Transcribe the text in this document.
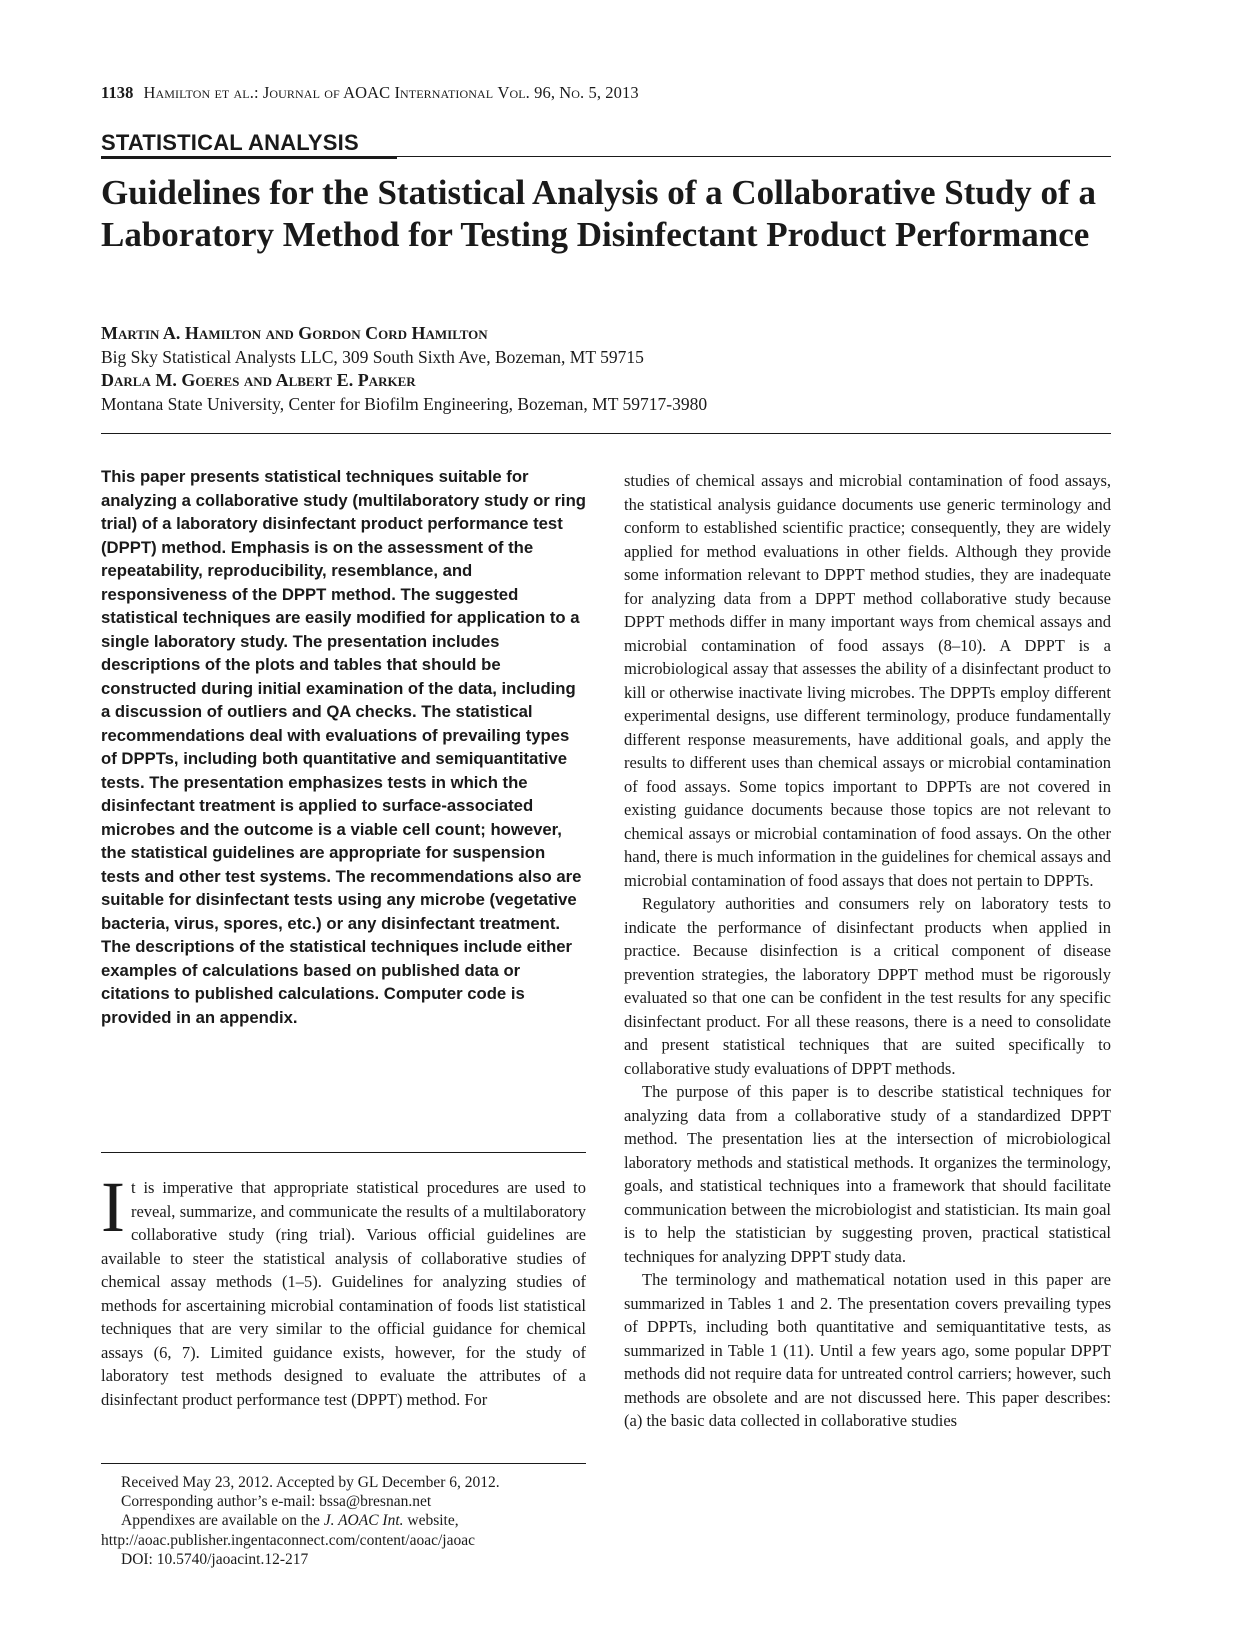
1138 Hamilton et al.: Journal of AOAC International Vol. 96, No. 5, 2013
STATISTICAL ANALYSIS
Guidelines for the Statistical Analysis of a Collaborative Study of a Laboratory Method for Testing Disinfectant Product Performance
Martin A. Hamilton and Gordon Cord Hamilton
Big Sky Statistical Analysts LLC, 309 South Sixth Ave, Bozeman, MT 59715
Darla M. Goeres and Albert E. Parker
Montana State University, Center for Biofilm Engineering, Bozeman, MT 59717-3980

This paper presents statistical techniques suitable for analyzing a collaborative study (multilaboratory study or ring trial) of a laboratory disinfectant product performance test (DPPT) method. Emphasis is on the assessment of the repeatability, reproducibility, resemblance, and responsiveness of the DPPT method. The suggested statistical techniques are easily modified for application to a single laboratory study. The presentation includes descriptions of the plots and tables that should be constructed during initial examination of the data, including a discussion of outliers and QA checks. The statistical recommendations deal with evaluations of prevailing types of DPPTs, including both quantitative and semiquantitative tests. The presentation emphasizes tests in which the disinfectant treatment is applied to surface-associated microbes and the outcome is a viable cell count; however, the statistical guidelines are appropriate for suspension tests and other test systems. The recommendations also are suitable for disinfectant tests using any microbe (vegetative bacteria, virus, spores, etc.) or any disinfectant treatment. The descriptions of the statistical techniques include either examples of calculations based on published data or citations to published calculations. Computer code is provided in an appendix.

It is imperative that appropriate statistical procedures are used to reveal, summarize, and communicate the results of a multilaboratory collaborative study (ring trial). Various official guidelines are available to steer the statistical analysis of collaborative studies of chemical assay methods (1–5). Guidelines for analyzing studies of methods for ascertaining microbial contamination of foods list statistical techniques that are very similar to the official guidance for chemical assays (6, 7). Limited guidance exists, however, for the study of laboratory test methods designed to evaluate the attributes of a disinfectant product performance test (DPPT) method. For
Received May 23, 2012. Accepted by GL December 6, 2012.
Corresponding author’s e-mail: bssa@bresnan.net
Appendixes are available on the J. AOAC Int. website, http://aoac.publisher.ingentaconnect.com/content/aoac/jaoac
DOI: 10.5740/jaoacint.12-217

studies of chemical assays and microbial contamination of food assays, the statistical analysis guidance documents use generic terminology and conform to established scientific practice; consequently, they are widely applied for method evaluations in other fields. Although they provide some information relevant to DPPT method studies, they are inadequate for analyzing data from a DPPT method collaborative study because DPPT methods differ in many important ways from chemical assays and microbial contamination of food assays (8–10). A DPPT is a microbiological assay that assesses the ability of a disinfectant product to kill or otherwise inactivate living microbes. The DPPTs employ different experimental designs, use different terminology, produce fundamentally different response measurements, have additional goals, and apply the results to different uses than chemical assays or microbial contamination of food assays. Some topics important to DPPTs are not covered in existing guidance documents because those topics are not relevant to chemical assays or microbial contamination of food assays. On the other hand, there is much information in the guidelines for chemical assays and microbial contamination of food assays that does not pertain to DPPTs.

Regulatory authorities and consumers rely on laboratory tests to indicate the performance of disinfectant products when applied in practice. Because disinfection is a critical component of disease prevention strategies, the laboratory DPPT method must be rigorously evaluated so that one can be confident in the test results for any specific disinfectant product. For all these reasons, there is a need to consolidate and present statistical techniques that are suited specifically to collaborative study evaluations of DPPT methods.

The purpose of this paper is to describe statistical techniques for analyzing data from a collaborative study of a standardized DPPT method. The presentation lies at the intersection of microbiological laboratory methods and statistical methods. It organizes the terminology, goals, and statistical techniques into a framework that should facilitate communication between the microbiologist and statistician. Its main goal is to help the statistician by suggesting proven, practical statistical techniques for analyzing DPPT study data.

The terminology and mathematical notation used in this paper are summarized in Tables 1 and 2. The presentation covers prevailing types of DPPTs, including both quantitative and semiquantitative tests, as summarized in Table 1 (11). Until a few years ago, some popular DPPT methods did not require data for untreated control carriers; however, such methods are obsolete and are not discussed here. This paper describes: (a) the basic data collected in collaborative studies
